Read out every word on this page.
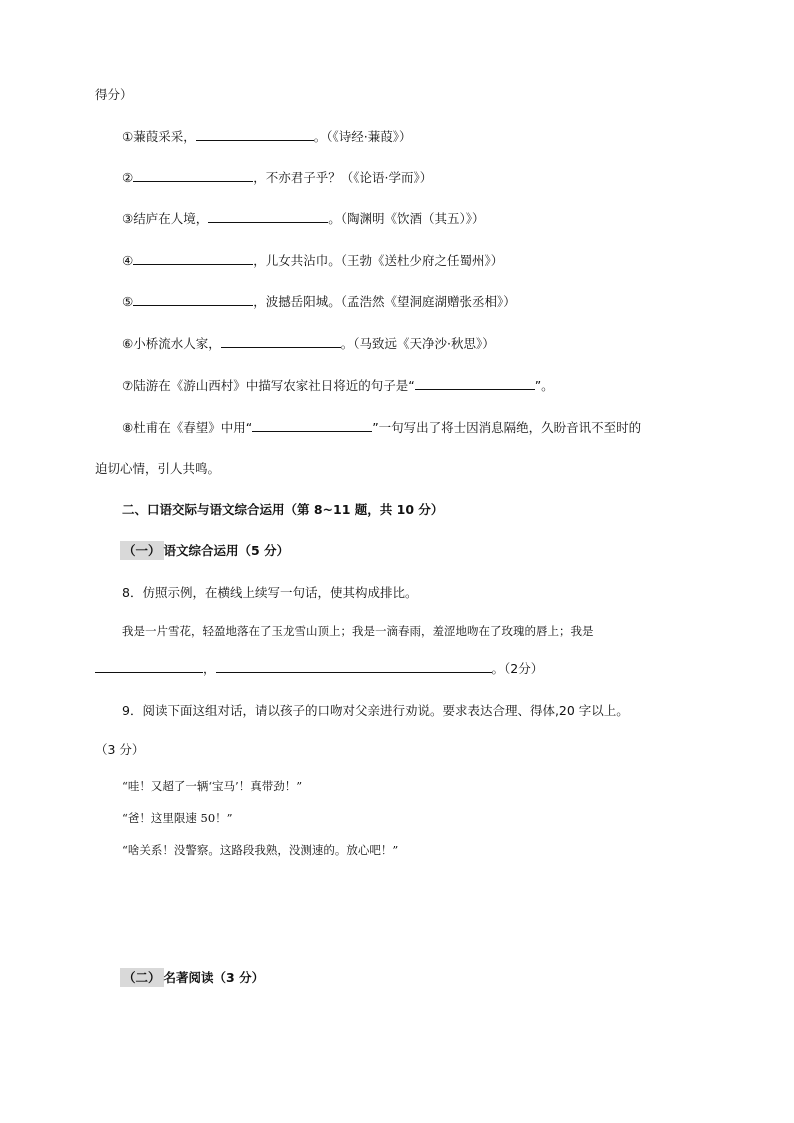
得分）
①蒹葭采采，	。（《诗经·蒹葭》）
②	，不亦君子乎？（《论语·学而》）
③结庐在人境，	。（陶渊明《饮酒（其五）》）
④	，儿女共沾巾。（王勃《送杜少府之任蜀州》）
⑤	，波撼岳阳城。（孟浩然《望洞庭湖赠张丞相》）
⑥小桥流水人家，	。（马致远《天净沙·秋思》）
⑦陆游在《游山西村》中描写农家社日将近的句子是“	”。
⑧杜甫在《春望》中用“	”一句写出了将士因消息隔绝，久盼音讯不至时的
迫切心情，引人共鸣。
二、口语交际与语文综合运用（第 8~11 题，共 10 分）
（一） 语文综合运用（5 分）
8．仿照示例，在横线上续写一句话，使其构成排比。
我是一片雪花，轻盈地落在了玉龙雪山顶上；我是一滴春雨，羞涩地吻在了玫瑰的唇上；我是
，	。（2分）
9．阅读下面这组对话，请以孩子的口吻对父亲进行劝说。要求表达合理、得体,20 字以上。
（3 分）
“哇！又超了一辆‘宝马’！真带劲！”
“爸！这里限速 50！”
“啥关系！没警察。这路段我熟，没测速的。放心吧！”
（二） 名著阅读（3 分）
